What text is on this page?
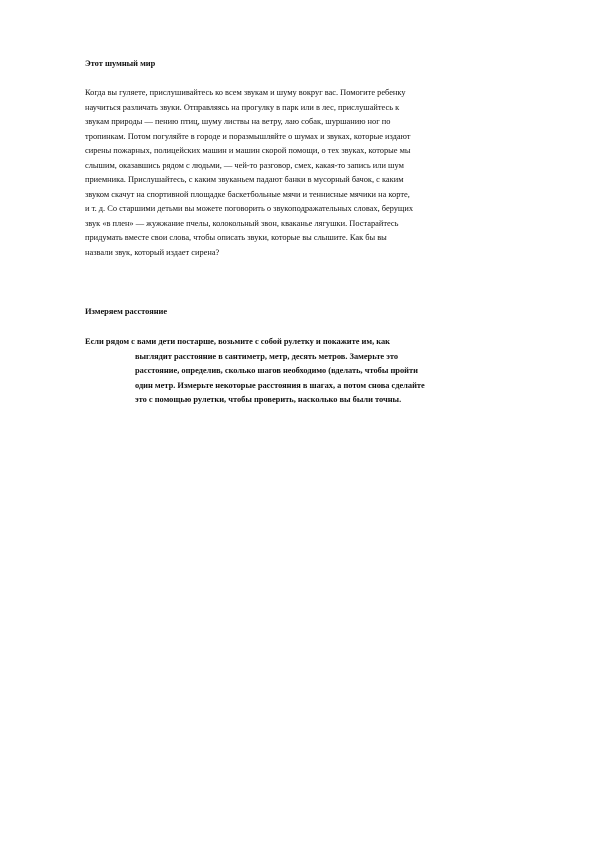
Этот шумный мир
Когда вы гуляете, прислушивайтесь ко всем звукам и шуму вокруг вас. Помогите ребенку
научиться различать звуки. Отправляясь на прогулку в парк или в лес, прислушайтесь к
звукам природы — пению птиц, шуму листвы на ветру, лаю собак, шуршанию ног по
тропинкам. Потом погуляйте в городе и поразмышляйте о шумах и звуках, которые издают
сирены пожарных, полицейских машин и машин скорой помощи, о тех звуках, которые мы
слышим, оказавшись рядом с людьми, — чей-то разговор, смех, какая-то запись или шум
приемника. Прислушайтесь, с каким звуканьем падают банки в мусорный бачок, с каким
звуком скачут на спортивной площадке баскетбольные мячи и теннисные мячики на корте,
и т. д. Со старшими детьми вы можете поговорить о звукоподражательных словах, берущих
звук «в плен» — жужжание пчелы, колокольный звон, кваканье лягушки. Постарайтесь
придумать вместе свои слова, чтобы описать звуки, которые вы слышите. Как бы вы
назвали звук, который издает сирена?
Измеряем расстояние
Если рядом с вами дети постарше, возьмите с собой рулетку и покажите им, как
выглядит расстояние в сантиметр, метр, десять метров. Замерьте это
расстояние, определив, сколько шагов необходимо (вделать, чтобы пройти
один метр. Измерьте некоторые расстояния в шагах, а потом снова сделайте
это с помощью рулетки, чтобы проверить, насколько вы были точны.
